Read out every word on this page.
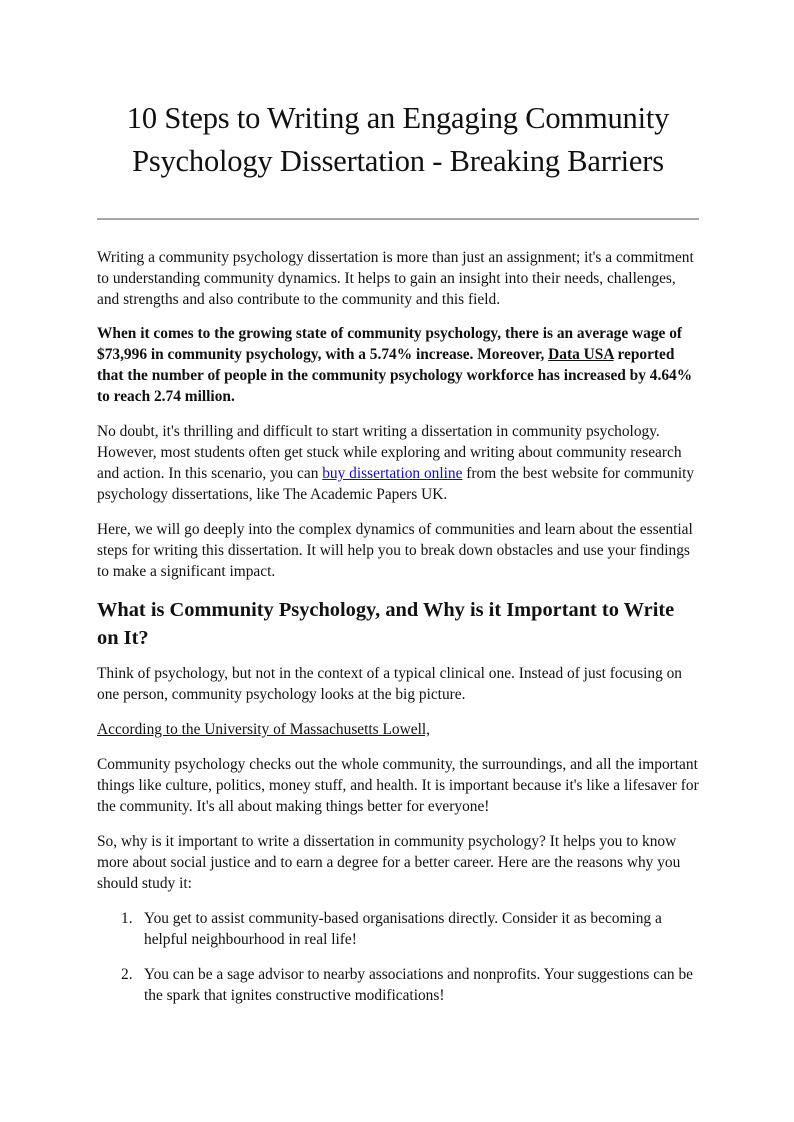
10 Steps to Writing an Engaging Community Psychology Dissertation - Breaking Barriers

Writing a community psychology dissertation is more than just an assignment; it's a commitment to understanding community dynamics. It helps to gain an insight into their needs, challenges, and strengths and also contribute to the community and this field.

When it comes to the growing state of community psychology, there is an average wage of $73,996 in community psychology, with a 5.74% increase. Moreover, Data USA reported that the number of people in the community psychology workforce has increased by 4.64% to reach 2.74 million.

No doubt, it's thrilling and difficult to start writing a dissertation in community psychology. However, most students often get stuck while exploring and writing about community research and action. In this scenario, you can buy dissertation online from the best website for community psychology dissertations, like The Academic Papers UK.

Here, we will go deeply into the complex dynamics of communities and learn about the essential steps for writing this dissertation. It will help you to break down obstacles and use your findings to make a significant impact.

What is Community Psychology, and Why is it Important to Write on It?

Think of psychology, but not in the context of a typical clinical one. Instead of just focusing on one person, community psychology looks at the big picture.

According to the University of Massachusetts Lowell,

Community psychology checks out the whole community, the surroundings, and all the important things like culture, politics, money stuff, and health. It is important because it's like a lifesaver for the community. It's all about making things better for everyone!

So, why is it important to write a dissertation in community psychology? It helps you to know more about social justice and to earn a degree for a better career. Here are the reasons why you should study it:

1. You get to assist community-based organisations directly. Consider it as becoming a helpful neighbourhood in real life!
2. You can be a sage advisor to nearby associations and nonprofits. Your suggestions can be the spark that ignites constructive modifications!
